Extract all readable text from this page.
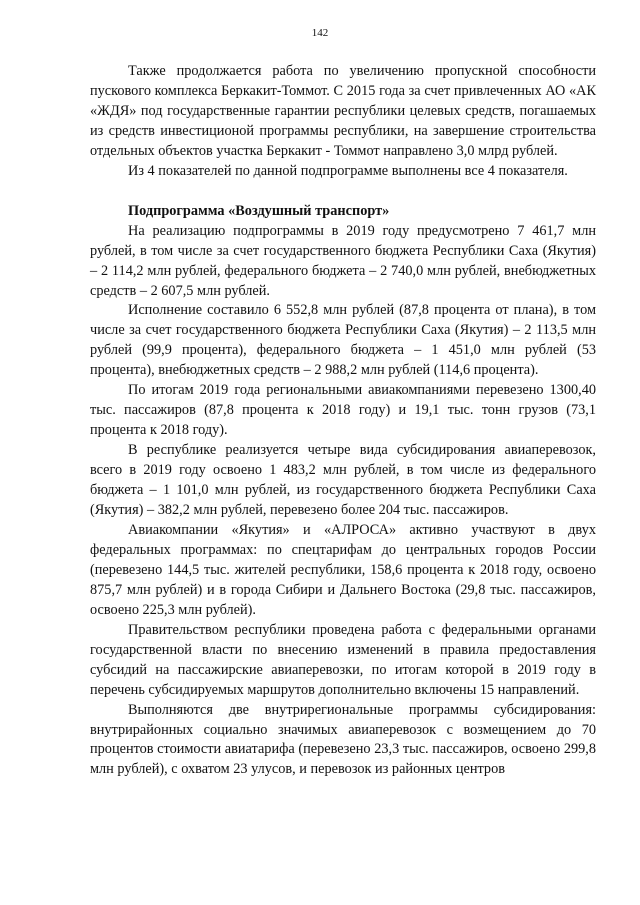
142

Также продолжается работа по увеличению пропускной способности пускового комплекса Беркакит-Томмот. С 2015 года за счет привлеченных АО «АК «ЖДЯ» под государственные гарантии республики целевых средств, погашаемых из средств инвестиционой программы республики, на завершение строительства отдельных объектов участка Беркакит - Томмот направлено 3,0 млрд рублей.

Из 4 показателей по данной подпрограмме выполнены все 4 показателя.

Подпрограмма «Воздушный транспорт»

На реализацию подпрограммы в 2019 году предусмотрено 7 461,7 млн рублей, в том числе за счет государственного бюджета Республики Саха (Якутия) – 2 114,2 млн рублей, федерального бюджета – 2 740,0 млн рублей, внебюджетных средств – 2 607,5 млн рублей.

Исполнение составило 6 552,8 млн рублей (87,8 процента от плана), в том числе за счет государственного бюджета Республики Саха (Якутия) – 2 113,5 млн рублей (99,9 процента), федерального бюджета – 1 451,0 млн рублей (53 процента), внебюджетных средств – 2 988,2 млн рублей (114,6 процента).

По итогам 2019 года региональными авиакомпаниями перевезено 1300,40 тыс. пассажиров (87,8 процента к 2018 году) и 19,1 тыс. тонн грузов (73,1 процента к 2018 году).

В республике реализуется четыре вида субсидирования авиаперевозок, всего в 2019 году освоено 1 483,2 млн рублей, в том числе из федерального бюджета – 1 101,0 млн рублей, из государственного бюджета Республики Саха (Якутия) – 382,2 млн рублей, перевезено более 204 тыс. пассажиров.

Авиакомпании «Якутия» и «АЛРОСА» активно участвуют в двух федеральных программах: по спецтарифам до центральных городов России (перевезено 144,5 тыс. жителей республики, 158,6 процента к 2018 году, освоено 875,7 млн рублей) и в города Сибири и Дальнего Востока (29,8 тыс. пассажиров, освоено 225,3 млн рублей).

Правительством республики проведена работа с федеральными органами государственной власти по внесению изменений в правила предоставления субсидий на пассажирские авиаперевозки, по итогам которой в 2019 году в перечень субсидируемых маршрутов дополнительно включены 15 направлений.

Выполняются две внутрирегиональные программы субсидирования: внутрирайонных социально значимых авиаперевозок с возмещением до 70 процентов стоимости авиатарифа (перевезено 23,3 тыс. пассажиров, освоено 299,8 млн рублей), с охватом 23 улусов, и перевозок из районных центров
